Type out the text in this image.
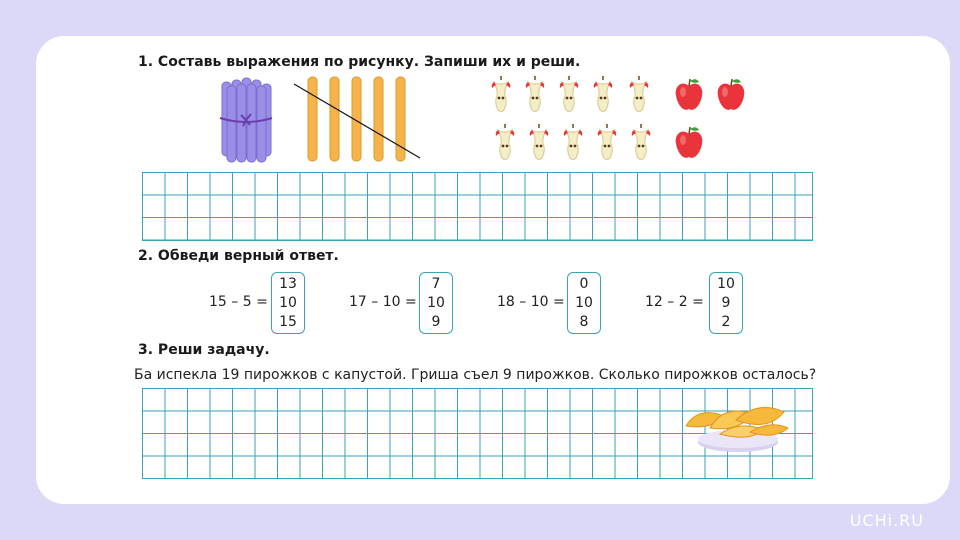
1. Составь выражения по рисунку. Запиши их и реши.
2. Обведи верный ответ.
15 – 5 =
13
10
15
17 – 10 =
7
10
9
18 – 10 =
0
10
8
12 – 2 =
10
9
2
3. Реши задачу.
Ба испекла 19 пирожков с капустой. Гриша съел 9 пирожков. Сколько пирожков осталось?
UCHi.RU
